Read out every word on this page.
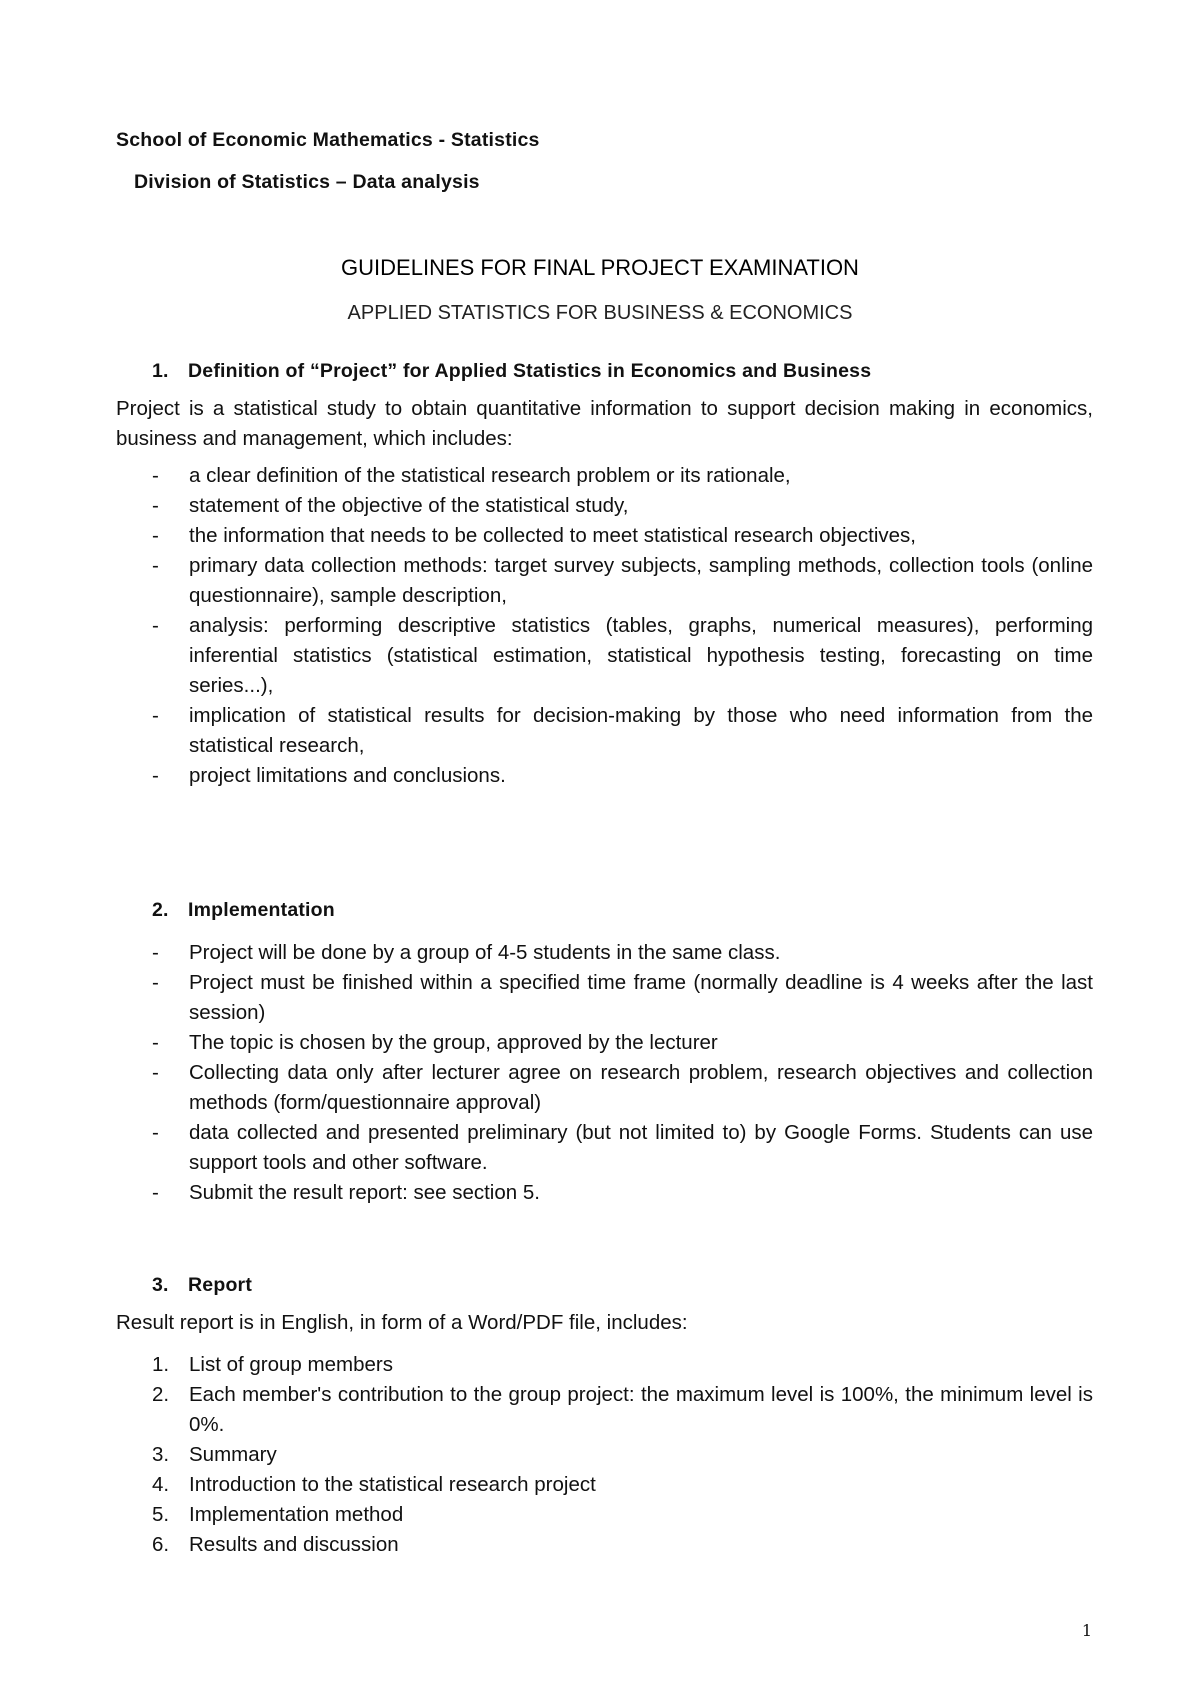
School of Economic Mathematics - Statistics
Division of Statistics – Data analysis
GUIDELINES FOR FINAL PROJECT EXAMINATION
APPLIED STATISTICS FOR BUSINESS & ECONOMICS
1. Definition of “Project” for Applied Statistics in Economics and Business
Project is a statistical study to obtain quantitative information to support decision making in economics, business and management, which includes:
- a clear definition of the statistical research problem or its rationale,
- statement of the objective of the statistical study,
- the information that needs to be collected to meet statistical research objectives,
- primary data collection methods: target survey subjects, sampling methods, collection tools (online questionnaire), sample description,
- analysis: performing descriptive statistics (tables, graphs, numerical measures), performing inferential statistics (statistical estimation, statistical hypothesis testing, forecasting on time series...),
- implication of statistical results for decision-making by those who need information from the statistical research,
- project limitations and conclusions.
2. Implementation
- Project will be done by a group of 4-5 students in the same class.
- Project must be finished within a specified time frame (normally deadline is 4 weeks after the last session)
- The topic is chosen by the group, approved by the lecturer
- Collecting data only after lecturer agree on research problem, research objectives and collection methods (form/questionnaire approval)
- data collected and presented preliminary (but not limited to) by Google Forms. Students can use support tools and other software.
- Submit the result report: see section 5.
3. Report
Result report is in English, in form of a Word/PDF file, includes:
1. List of group members
2. Each member's contribution to the group project: the maximum level is 100%, the minimum level is 0%.
3. Summary
4. Introduction to the statistical research project
5. Implementation method
6. Results and discussion
1
